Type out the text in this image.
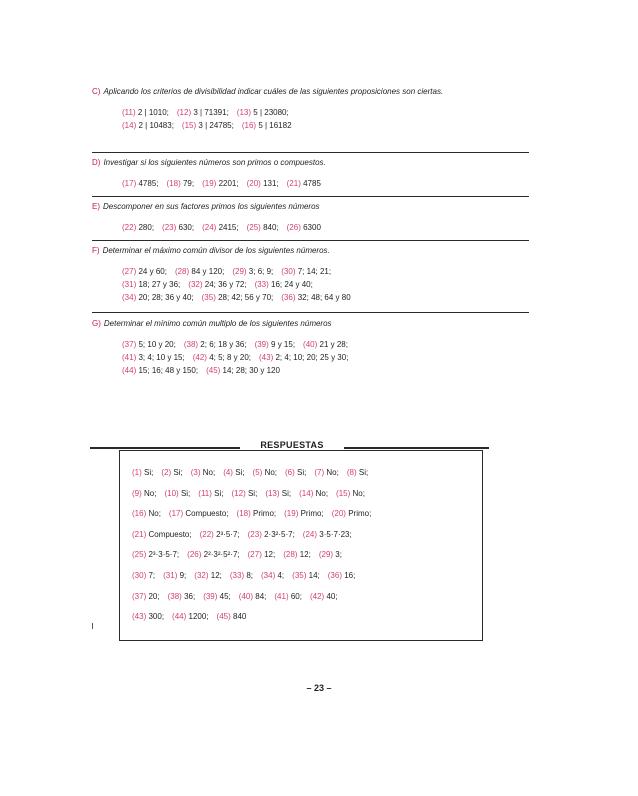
C) Aplicando los criterios de divisibilidad indicar cuáles de las siguientes proposiciones son ciertas.
(11) 2 | 1010;   (12) 3 | 71391;   (13) 5 | 23080;
(14) 2 | 10483;   (15) 3 | 24785;   (16) 5 | 16182
D) Investigar si los siguientes números son primos o compuestos.
(17) 4785;   (18) 79;   (19) 2201;   (20) 131;   (21) 4785
E) Descomponer en sus factores primos los siguientes números
(22) 280;   (23) 630;   (24) 2415;   (25) 840;   (26) 6300
F) Determinar el máximo común divisor de los siguientes números.
(27) 24 y 60;   (28) 84 y 120;   (29) 3; 6; 9;   (30) 7; 14; 21;
(31) 18; 27 y 36;   (32) 24; 36 y 72;   (33) 16; 24 y 40;
(34) 20; 28; 36 y 40;   (35) 28; 42; 56 y 70;   (36) 32; 48; 64 y 80
G) Determinar el mínimo común multiplo de los siguientes números
(37) 5; 10 y 20;   (38) 2; 6; 18 y 36;   (39) 9 y 15;   (40) 21 y 28;
(41) 3; 4; 10 y 15;   (42) 4; 5; 8 y 20;   (43) 2; 4; 10; 20; 25 y 30;
(44) 15; 16; 48 y 150;   (45) 14; 28; 30 y 120
RESPUESTAS
(1) Si;   (2) Si;   (3) No;   (4) Si;   (5) No;   (6) Si;   (7) No;   (8) Si;
(9) No;   (10) Si;   (11) Si;   (12) Si;   (13) Si;   (14) No;   (15) No;
(16) No;   (17) Compuesto;   (18) Primo;   (19) Primo;   (20) Primo;
(21) Compuesto;   (22) 2³·5·7;   (23) 2·3²·5·7;   (24) 3·5·7·23;
(25) 2³·3·5·7;   (26) 2²·3²·5²·7;   (27) 12;   (28) 12;   (29) 3;
(30) 7;   (31) 9;   (32) 12;   (33) 8;   (34) 4;   (35) 14;   (36) 16;
(37) 20;   (38) 36;   (39) 45;   (40) 84;   (41) 60;   (42) 40;
(43) 300;   (44) 1200;   (45) 840
– 23 –
